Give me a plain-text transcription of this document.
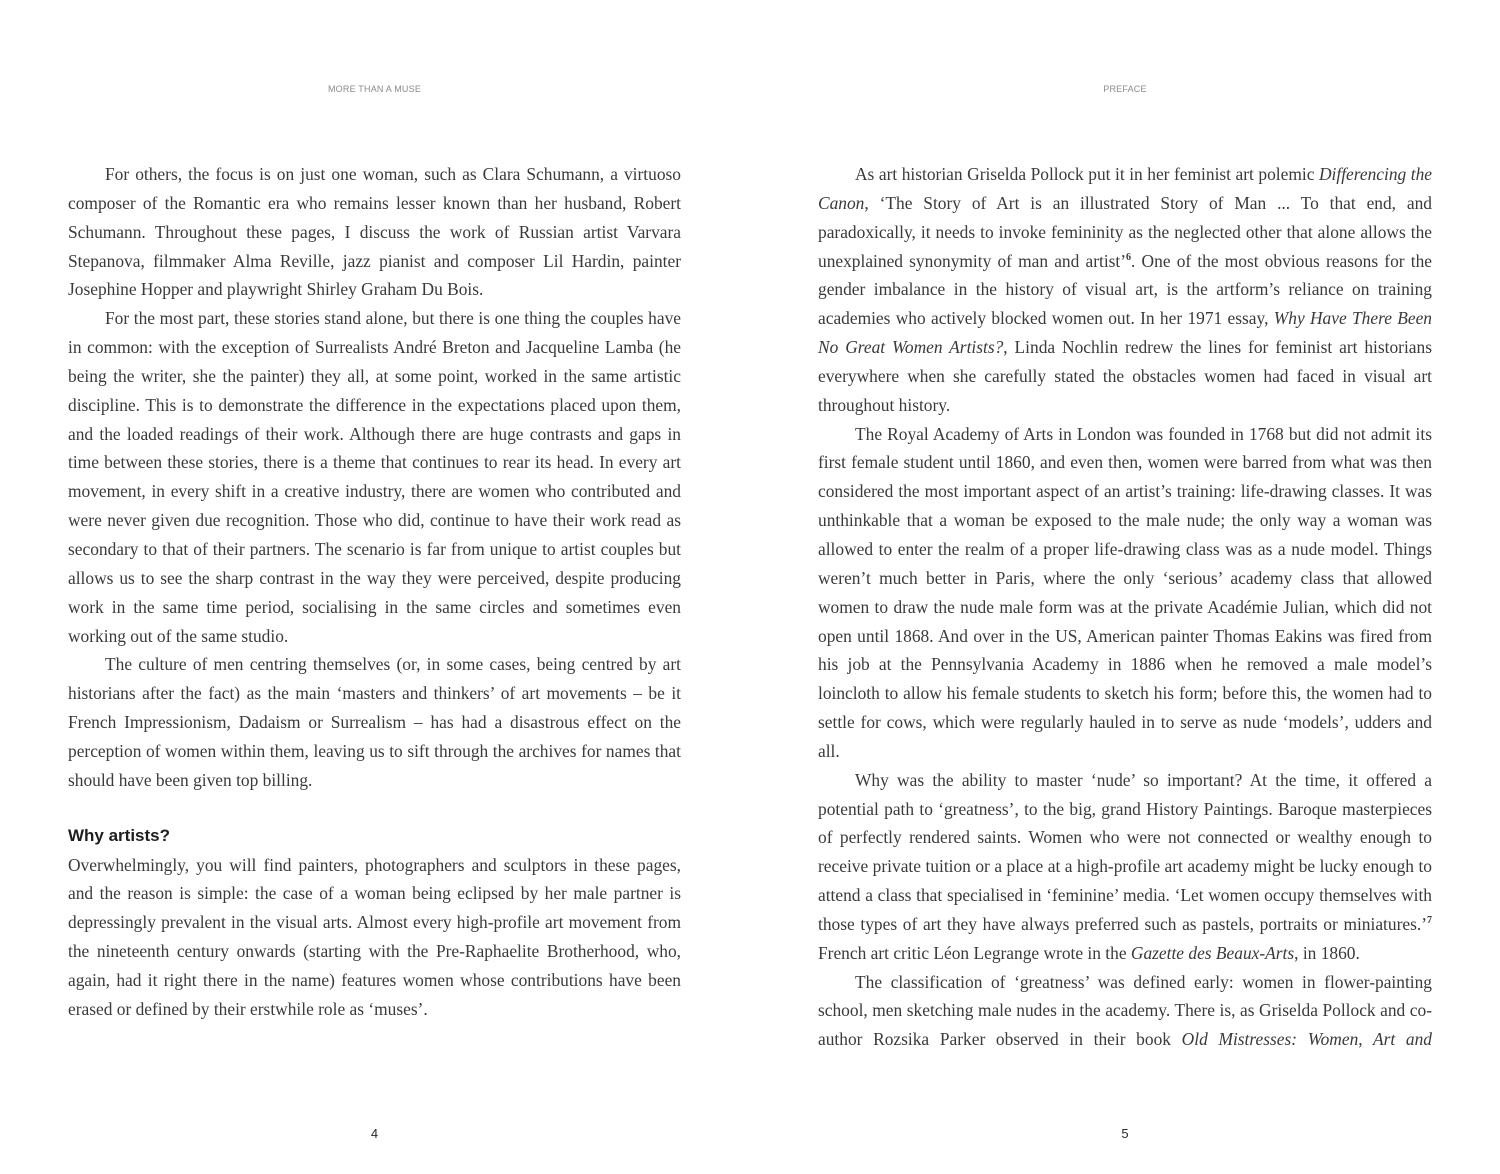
MORE THAN A MUSE

For others, the focus is on just one woman, such as Clara Schumann, a virtuoso composer of the Romantic era who remains lesser known than her husband, Robert Schumann. Throughout these pages, I discuss the work of Russian artist Varvara Stepanova, filmmaker Alma Reville, jazz pianist and composer Lil Hardin, painter Josephine Hopper and playwright Shirley Graham Du Bois.

For the most part, these stories stand alone, but there is one thing the couples have in common: with the exception of Surrealists André Breton and Jacqueline Lamba (he being the writer, she the painter) they all, at some point, worked in the same artistic discipline. This is to demonstrate the difference in the expectations placed upon them, and the loaded readings of their work. Although there are huge contrasts and gaps in time between these stories, there is a theme that continues to rear its head. In every art movement, in every shift in a creative industry, there are women who contributed and were never given due recognition. Those who did, continue to have their work read as secondary to that of their partners. The scenario is far from unique to artist couples but allows us to see the sharp contrast in the way they were perceived, despite producing work in the same time period, socialising in the same circles and sometimes even working out of the same studio.

The culture of men centring themselves (or, in some cases, being centred by art historians after the fact) as the main ‘masters and thinkers’ of art movements – be it French Impressionism, Dadaism or Surrealism – has had a disastrous effect on the perception of women within them, leaving us to sift through the archives for names that should have been given top billing.

Why artists?

Overwhelmingly, you will find painters, photographers and sculptors in these pages, and the reason is simple: the case of a woman being eclipsed by her male partner is depressingly prevalent in the visual arts. Almost every high-profile art movement from the nineteenth century onwards (starting with the Pre-Raphaelite Brotherhood, who, again, had it right there in the name) features women whose contributions have been erased or defined by their erstwhile role as ‘muses’.

4
PREFACE

As art historian Griselda Pollock put it in her feminist art polemic Differencing the Canon, ‘The Story of Art is an illustrated Story of Man ... To that end, and paradoxically, it needs to invoke femininity as the neglected other that alone allows the unexplained synonymity of man and artist’$^6$. One of the most obvious reasons for the gender imbalance in the history of visual art, is the artform’s reliance on training academies who actively blocked women out. In her 1971 essay, Why Have There Been No Great Women Artists?, Linda Nochlin redrew the lines for feminist art historians everywhere when she carefully stated the obstacles women had faced in visual art throughout history.

The Royal Academy of Arts in London was founded in 1768 but did not admit its first female student until 1860, and even then, women were barred from what was then considered the most important aspect of an artist’s training: life-drawing classes. It was unthinkable that a woman be exposed to the male nude; the only way a woman was allowed to enter the realm of a proper life-drawing class was as a nude model. Things weren’t much better in Paris, where the only ‘serious’ academy class that allowed women to draw the nude male form was at the private Académie Julian, which did not open until 1868. And over in the US, American painter Thomas Eakins was fired from his job at the Pennsylvania Academy in 1886 when he removed a male model’s loincloth to allow his female students to sketch his form; before this, the women had to settle for cows, which were regularly hauled in to serve as nude ‘models’, udders and all.

Why was the ability to master ‘nude’ so important? At the time, it offered a potential path to ‘greatness’, to the big, grand History Paintings. Baroque masterpieces of perfectly rendered saints. Women who were not connected or wealthy enough to receive private tuition or a place at a high-profile art academy might be lucky enough to attend a class that specialised in ‘feminine’ media. ‘Let women occupy themselves with those types of art they have always preferred such as pastels, portraits or miniatures.’$^7$ French art critic Léon Legrange wrote in the Gazette des Beaux-Arts, in 1860.

The classification of ‘greatness’ was defined early: women in flower-painting school, men sketching male nudes in the academy. There is, as Griselda Pollock and co-author Rozsika Parker observed in their book Old Mistresses: Women, Art and

5
